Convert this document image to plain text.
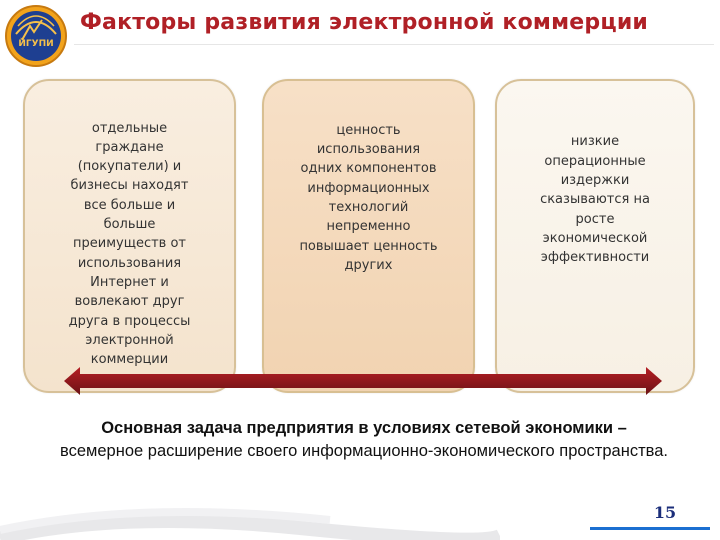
ЙГУПИ
Факторы развития электронной коммерции
отдельные граждане (покупатели) и бизнесы находят все больше и больше преимуществ от использования Интернет и вовлекают друг друга в процессы электронной коммерции
ценность использования одних компонентов информационных технологий непременно повышает ценность других
низкие операционные издержки сказываются на росте экономической эффективности
Основная задача предприятия в условиях сетевой экономики –
всемерное расширение своего информационно-экономического пространства.
15
